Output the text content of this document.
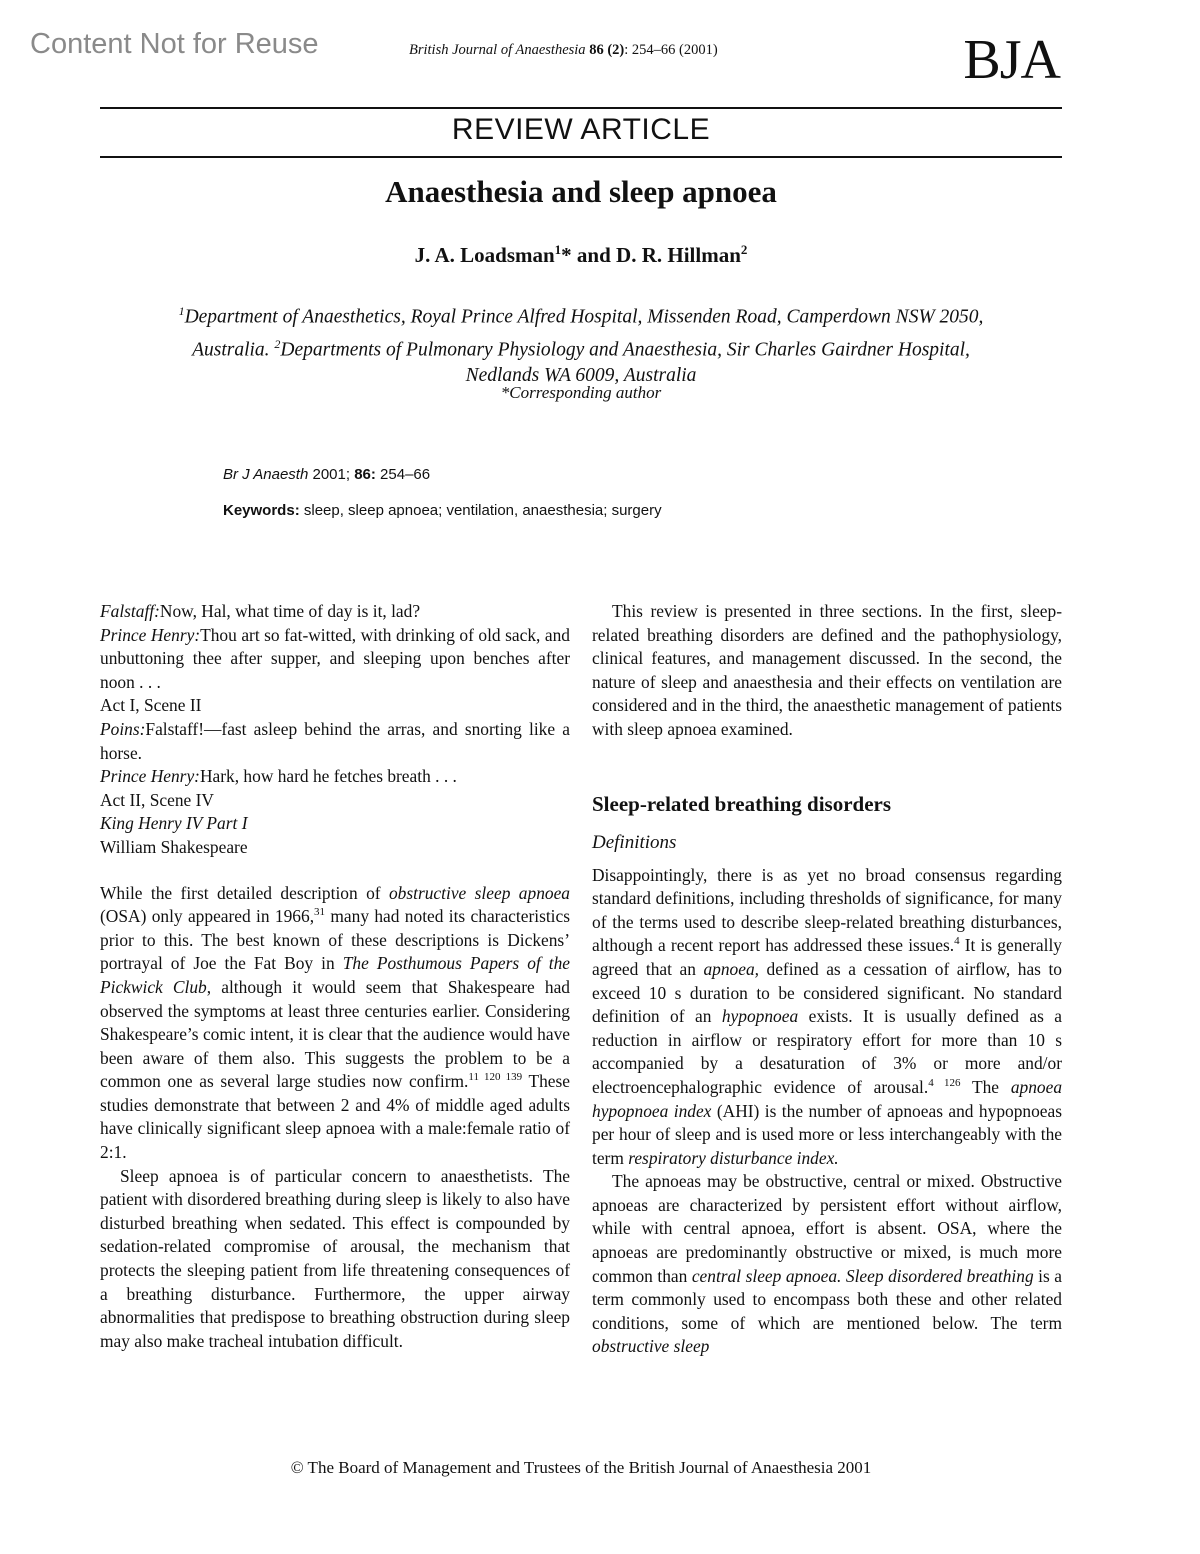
Content Not for Reuse	British Journal of Anaesthesia 86 (2): 254–66 (2001)	BJA
REVIEW ARTICLE
Anaesthesia and sleep apnoea
J. A. Loadsman$^1$* and D. R. Hillman$^2$
$^1$Department of Anaesthetics, Royal Prince Alfred Hospital, Missenden Road, Camperdown NSW 2050,
Australia. $^2$Departments of Pulmonary Physiology and Anaesthesia, Sir Charles Gairdner Hospital,
Nedlands WA 6009, Australia
*Corresponding author
Br J Anaesth 2001; 86: 254–66
Keywords: sleep, sleep apnoea; ventilation, anaesthesia; surgery

Falstaff:Now, Hal, what time of day is it, lad?

Prince Henry:Thou art so fat-witted, with drinking of old sack, and unbuttoning thee after supper, and sleeping upon benches after noon . . .

Act I, Scene II

Poins:Falstaff!—fast asleep behind the arras, and snorting like a horse.

Prince Henry:Hark, how hard he fetches breath . . .

Act II, Scene IV

King Henry IV Part I

William Shakespeare

While the first detailed description of obstructive sleep apnoea (OSA) only appeared in 1966,31 many had noted its characteristics prior to this. The best known of these descriptions is Dickens’ portrayal of Joe the Fat Boy in The Posthumous Papers of the Pickwick Club, although it would seem that Shakespeare had observed the symptoms at least three centuries earlier. Considering Shakespeare’s comic intent, it is clear that the audience would have been aware of them also. This suggests the problem to be a common one as several large studies now confirm.$^{11 120 139}$ These studies demonstrate that between 2 and 4% of middle aged adults have clinically significant sleep apnoea with a male:female ratio of 2:1.

Sleep apnoea is of particular concern to anaesthetists. The patient with disordered breathing during sleep is likely to also have disturbed breathing when sedated. This effect is compounded by sedation-related compromise of arousal, the mechanism that protects the sleeping patient from life threatening consequences of a breathing disturbance. Furthermore, the upper airway abnormalities that predispose to breathing obstruction during sleep may also make tracheal intubation difficult.

This review is presented in three sections. In the first, sleep-related breathing disorders are defined and the pathophysiology, clinical features, and management discussed. In the second, the nature of sleep and anaesthesia and their effects on ventilation are considered and in the third, the anaesthetic management of patients with sleep apnoea examined.

Sleep-related breathing disorders

Definitions

Disappointingly, there is as yet no broad consensus regarding standard definitions, including thresholds of significance, for many of the terms used to describe sleep-related breathing disturbances, although a recent report has addressed these issues.$^4$ It is generally agreed that an apnoea, defined as a cessation of airflow, has to exceed 10 s duration to be considered significant. No standard definition of an hypopnoea exists. It is usually defined as a reduction in airflow or respiratory effort for more than 10 s accompanied by a desaturation of 3% or more and/or electroencephalographic evidence of arousal.$^{4 126}$ The apnoea hypopnoea index (AHI) is the number of apnoeas and hypopnoeas per hour of sleep and is used more or less interchangeably with the term respiratory disturbance index.

The apnoeas may be obstructive, central or mixed. Obstructive apnoeas are characterized by persistent effort without airflow, while with central apnoea, effort is absent. OSA, where the apnoeas are predominantly obstructive or mixed, is much more common than central sleep apnoea. Sleep disordered breathing is a term commonly used to encompass both these and other related conditions, some of which are mentioned below. The term obstructive sleep

© The Board of Management and Trustees of the British Journal of Anaesthesia 2001
